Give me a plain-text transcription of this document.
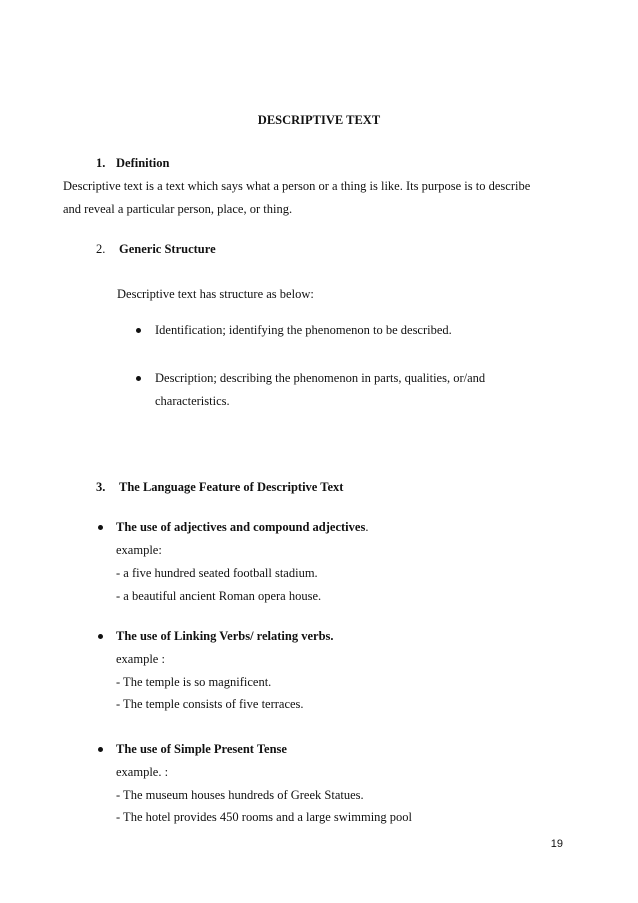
DESCRIPTIVE TEXT
1. Definition
Descriptive text is a text which says what a person or a thing is like. Its purpose is to describe
and reveal a particular person, place, or thing.
2. Generic Structure
Descriptive text has structure as below:
Identification; identifying the phenomenon to be described.
Description; describing the phenomenon in parts, qualities, or/and
characteristics.
3. The Language Feature of Descriptive Text
The use of adjectives and compound adjectives.
example:
- a five hundred seated football stadium.
- a beautiful ancient Roman opera house.
The use of Linking Verbs/ relating verbs.
example :
- The temple is so magnificent.
- The temple consists of five terraces.
The use of Simple Present Tense
example. :
- The museum houses hundreds of Greek Statues.
- The hotel provides 450 rooms and a large swimming pool
19
